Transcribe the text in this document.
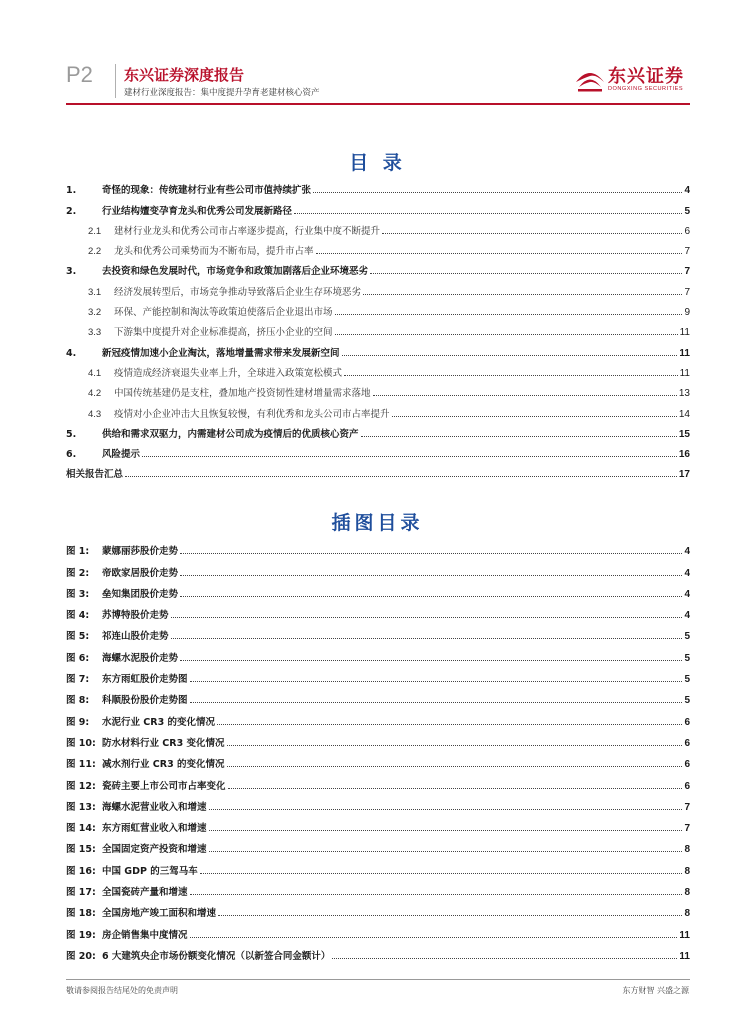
P2 东兴证券深度报告
建材行业深度报告：集中度提升孕育老建材核心资产
东兴证券
DONGXING SECURITIES
目 录
1.	奇怪的现象：传统建材行业有些公司市值持续扩张	4
2.	行业结构嬗变孕育龙头和优秀公司发展新路径	5
2.1	建材行业龙头和优秀公司市占率逐步提高，行业集中度不断提升	6
2.2	龙头和优秀公司乘势而为不断布局，提升市占率	7
3.	去投资和绿色发展时代，市场竞争和政策加剧落后企业环境恶劣	7
3.1	经济发展转型后，市场竞争推动导致落后企业生存环境恶劣	7
3.2	环保、产能控制和淘汰等政策迫使落后企业退出市场	9
3.3	下游集中度提升对企业标准提高，挤压小企业的空间	11
4.	新冠疫情加速小企业淘汰，落地增量需求带来发展新空间	11
4.1	疫情造成经济衰退失业率上升，全球进入政策宽松模式	11
4.2	中国传统基建仍是支柱，叠加地产投资韧性建材增量需求落地	13
4.3	疫情对小企业冲击大且恢复较慢，有利优秀和龙头公司市占率提升	14
5.	供给和需求双驱力，内需建材公司成为疫情后的优质核心资产	15
6.	风险提示	16
相关报告汇总	17
插图目录
图 1:	蒙娜丽莎股价走势	4
图 2:	帝欧家居股价走势	4
图 3:	垒知集团股价走势	4
图 4:	苏博特股价走势	4
图 5:	祁连山股价走势	5
图 6:	海螺水泥股价走势	5
图 7:	东方雨虹股价走势图	5
图 8:	科顺股份股价走势图	5
图 9:	水泥行业 CR3 的变化情况	6
图 10: 防水材料行业 CR3 变化情况	6
图 11: 减水剂行业 CR3 的变化情况	6
图 12: 瓷砖主要上市公司市占率变化	6
图 13: 海螺水泥营业收入和增速	7
图 14: 东方雨虹营业收入和增速	7
图 15: 全国固定资产投资和增速	8
图 16: 中国 GDP 的三驾马车	8
图 17: 全国瓷砖产量和增速	8
图 18: 全国房地产竣工面积和增速	8
图 19: 房企销售集中度情况	11
图 20: 6 大建筑央企市场份额变化情况（以新签合同金额计）	11
敬请参阅报告结尾处的免责声明	东方财智 兴盛之源
